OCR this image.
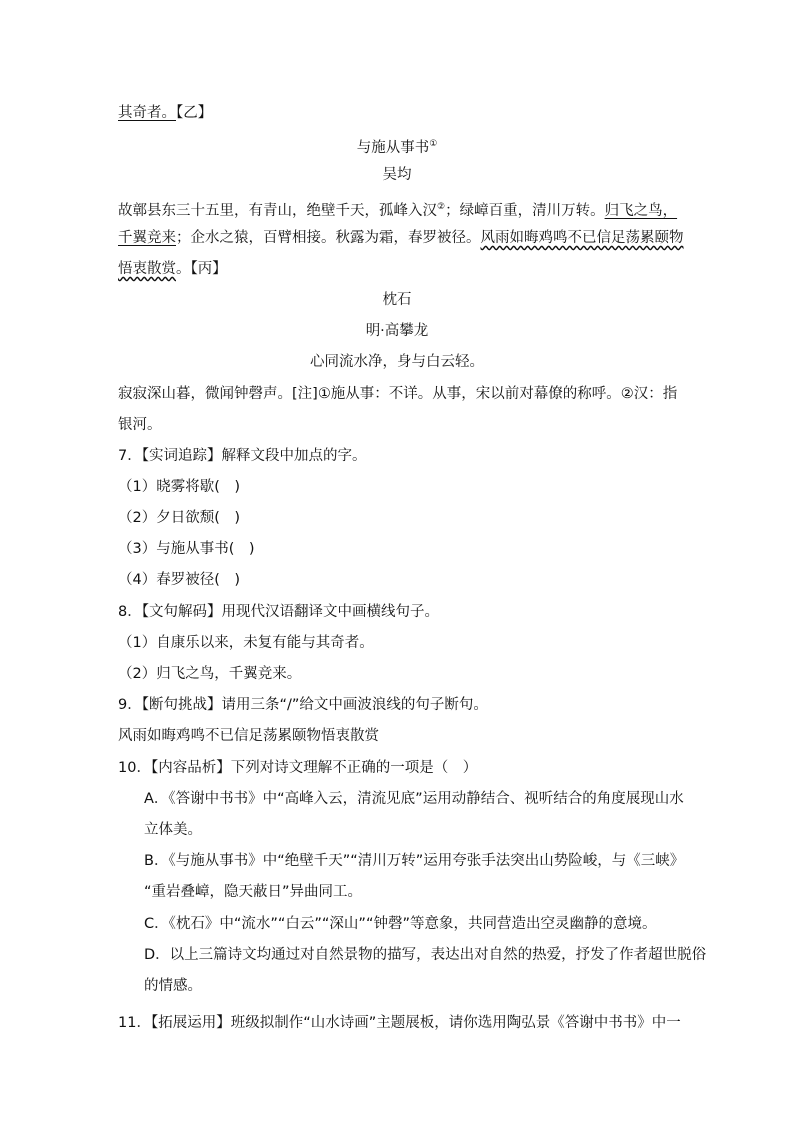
其奇者。【乙】
与施从事书①
吴均
故鄣县东三十五里，有青山，绝壁千天，孤峰入汉②；绿嶂百重，清川万转。归飞之鸟，
千翼竞来；企水之猿，百臂相接。秋露为霜，春罗被径。风雨如晦鸡鸣不已信足荡累颐物
悟衷散赏。【丙】
枕石
明·高攀龙
心同流水净，身与白云轻。
寂寂深山暮，微闻钟磬声。[注]①施从事：不详。从事，宋以前对幕僚的称呼。②汉：指
银河。
7．【实词追踪】解释文段中加点的字。
（1）晓雾将歇(　)
（2）夕日欲颓(　)
（3）与施从事书(　)
（4）春罗被径(　)
8．【文句解码】用现代汉语翻译文中画横线句子。
（1）自康乐以来，未复有能与其奇者。
（2）归飞之鸟，千翼竞来。
9．【断句挑战】请用三条“/”给文中画波浪线的句子断句。
风雨如晦鸡鸣不已信足荡累颐物悟衷散赏
10．【内容品析】下列对诗文理解不正确的一项是（　）
A．《答谢中书书》中“高峰入云，清流见底”运用动静结合、视听结合的角度展现山水
立体美。
B．《与施从事书》中“绝壁千天”“清川万转”运用夸张手法突出山势险峻，与《三峡》
“重岩叠嶂，隐天蔽日”异曲同工。
C．《枕石》中“流水”“白云”“深山”“钟磬”等意象，共同营造出空灵幽静的意境。
D．以上三篇诗文均通过对自然景物的描写，表达出对自然的热爱，抒发了作者超世脱俗
的情感。
11．【拓展运用】班级拟制作“山水诗画”主题展板，请你选用陶弘景《答谢中书书》中一
